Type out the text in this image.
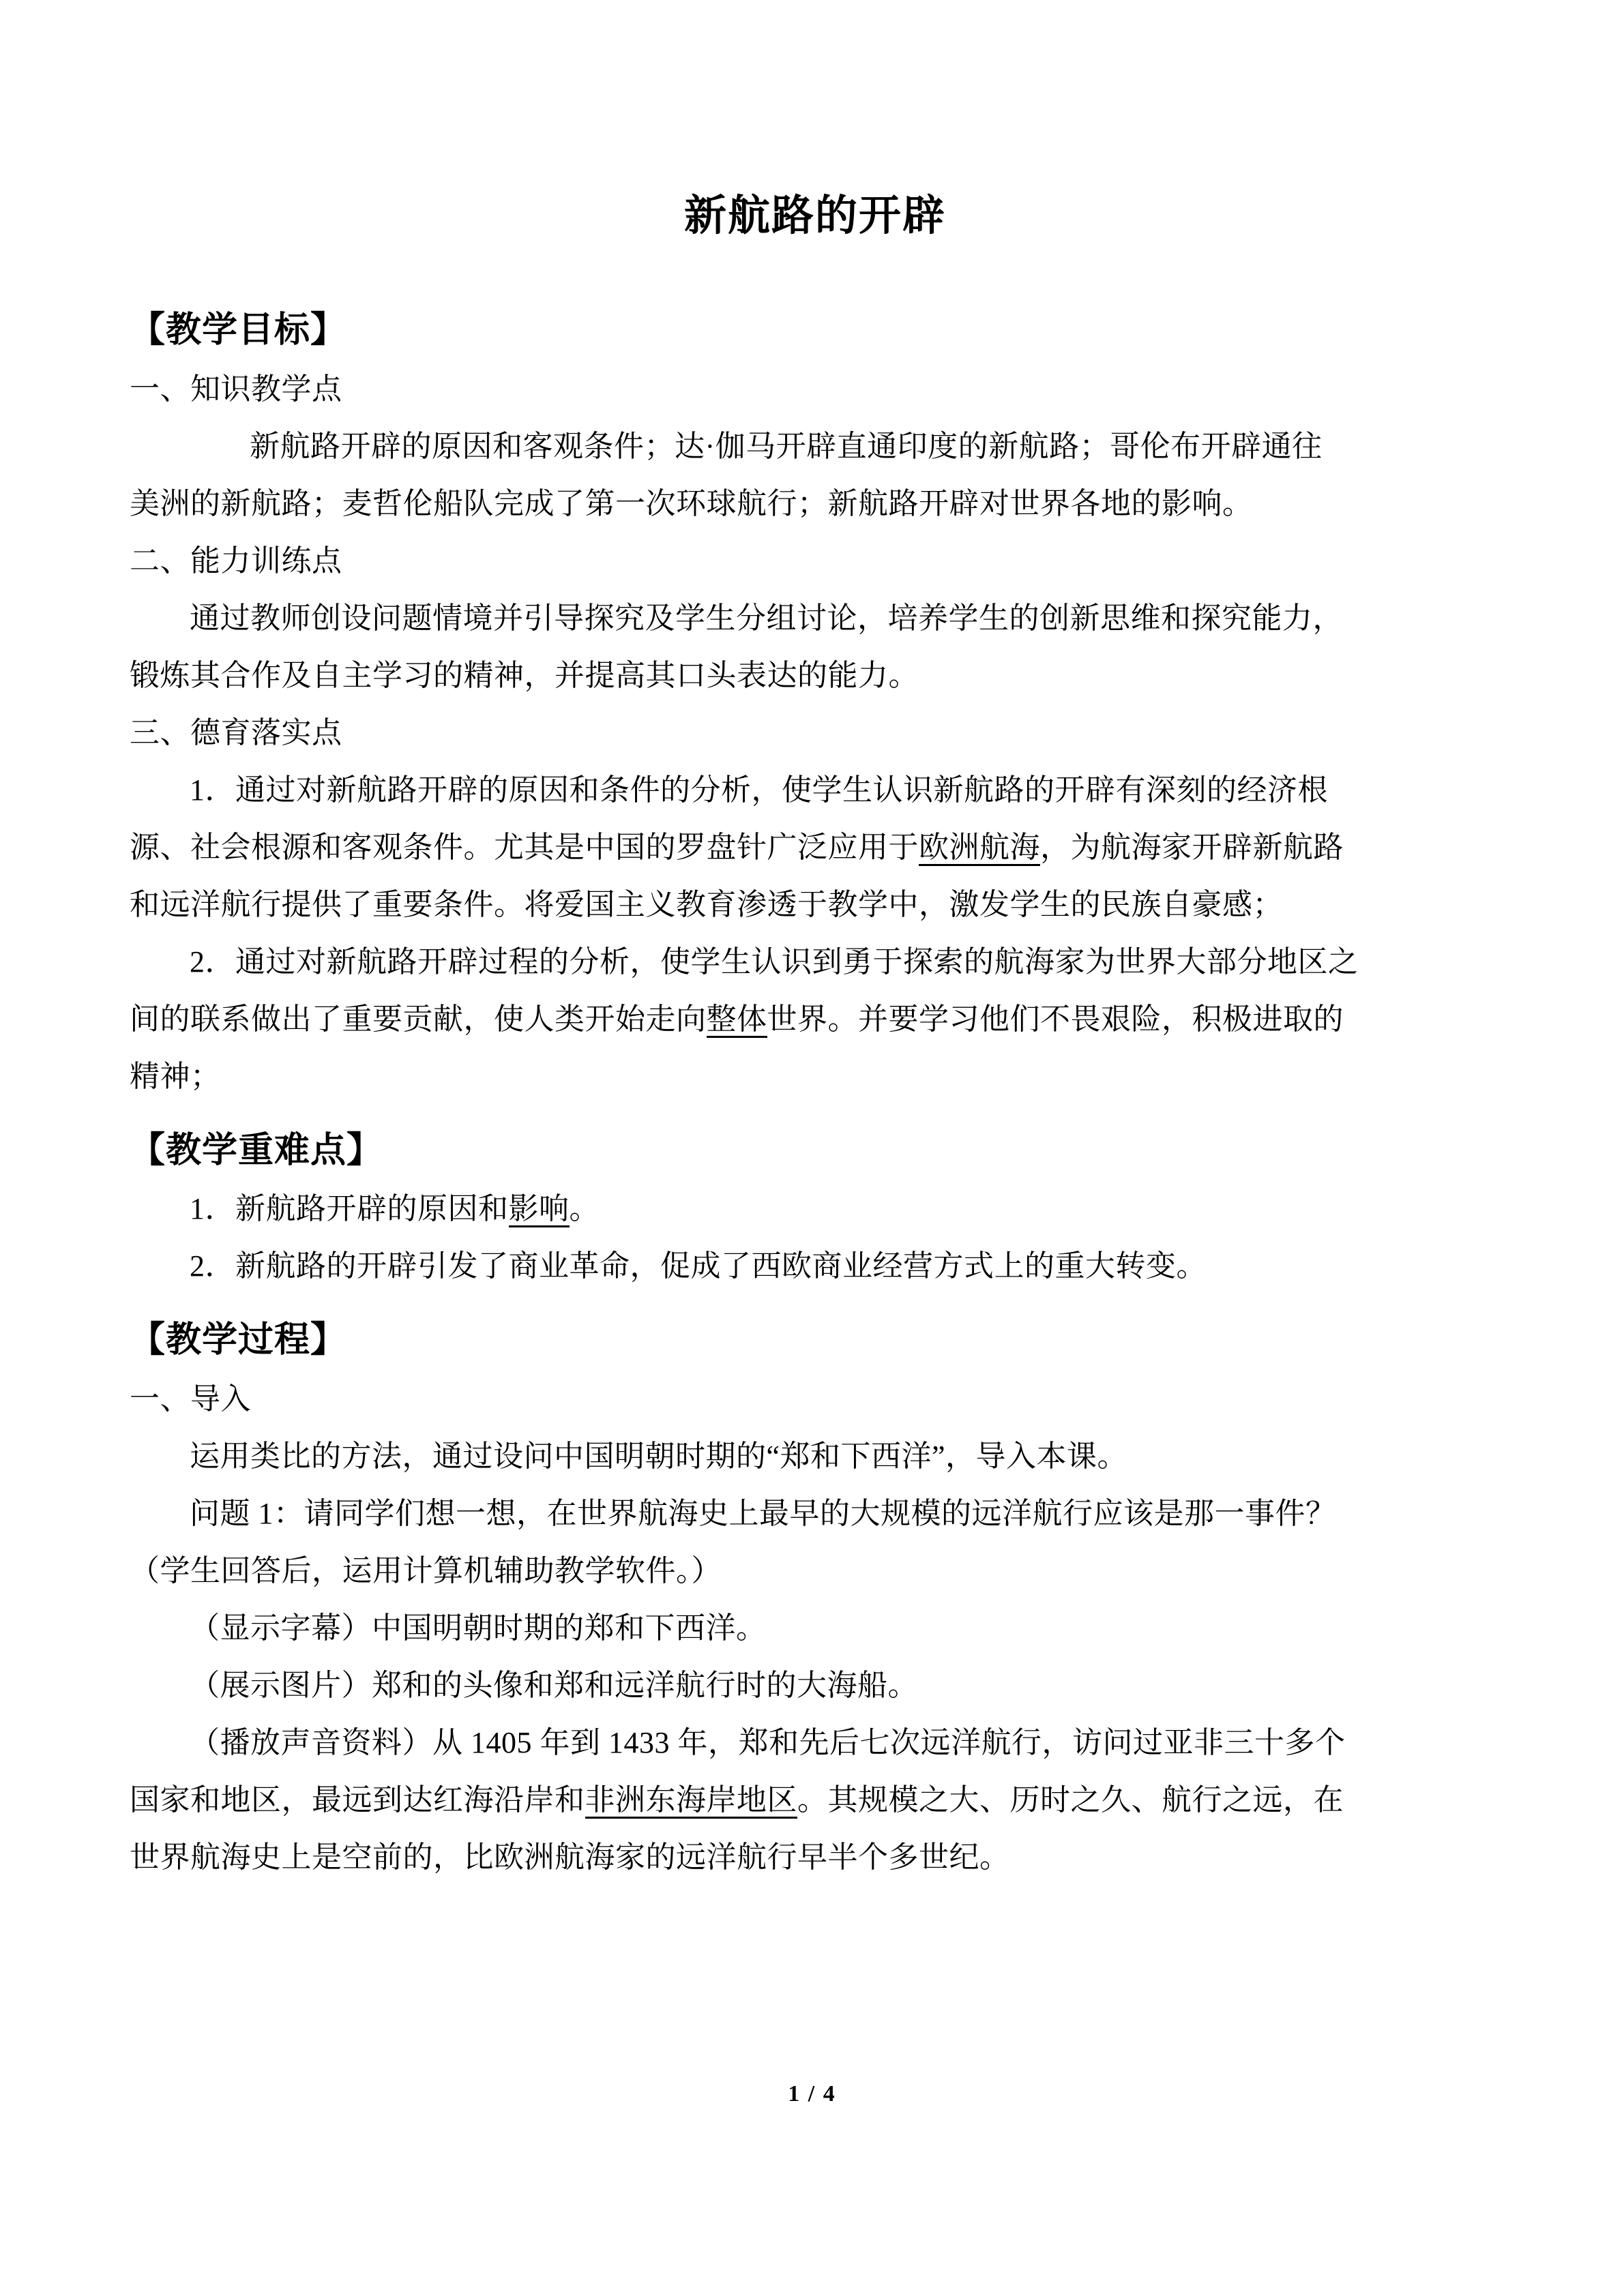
新航路的开辟
【教学目标】
一、知识教学点
新航路开辟的原因和客观条件；达·伽马开辟直通印度的新航路；哥伦布开辟通往
美洲的新航路；麦哲伦船队完成了第一次环球航行；新航路开辟对世界各地的影响。
二、能力训练点
通过教师创设问题情境并引导探究及学生分组讨论，培养学生的创新思维和探究能力，
锻炼其合作及自主学习的精神，并提高其口头表达的能力。
三、德育落实点
1．通过对新航路开辟的原因和条件的分析，使学生认识新航路的开辟有深刻的经济根
源、社会根源和客观条件。尤其是中国的罗盘针广泛应用于欧洲航海，为航海家开辟新航路
和远洋航行提供了重要条件。将爱国主义教育渗透于教学中，激发学生的民族自豪感；
2．通过对新航路开辟过程的分析，使学生认识到勇于探索的航海家为世界大部分地区之
间的联系做出了重要贡献，使人类开始走向整体世界。并要学习他们不畏艰险，积极进取的
精神；
【教学重难点】
1．新航路开辟的原因和影响。
2．新航路的开辟引发了商业革命，促成了西欧商业经营方式上的重大转变。
【教学过程】
一、导入
运用类比的方法，通过设问中国明朝时期的“郑和下西洋”，导入本课。
问题 1：请同学们想一想，在世界航海史上最早的大规模的远洋航行应该是那一事件？
（学生回答后，运用计算机辅助教学软件。）
（显示字幕）中国明朝时期的郑和下西洋。
（展示图片）郑和的头像和郑和远洋航行时的大海船。
（播放声音资料）从 1405 年到 1433 年，郑和先后七次远洋航行，访问过亚非三十多个
国家和地区，最远到达红海沿岸和非洲东海岸地区。其规模之大、历时之久、航行之远，在
世界航海史上是空前的，比欧洲航海家的远洋航行早半个多世纪。
1 / 4
